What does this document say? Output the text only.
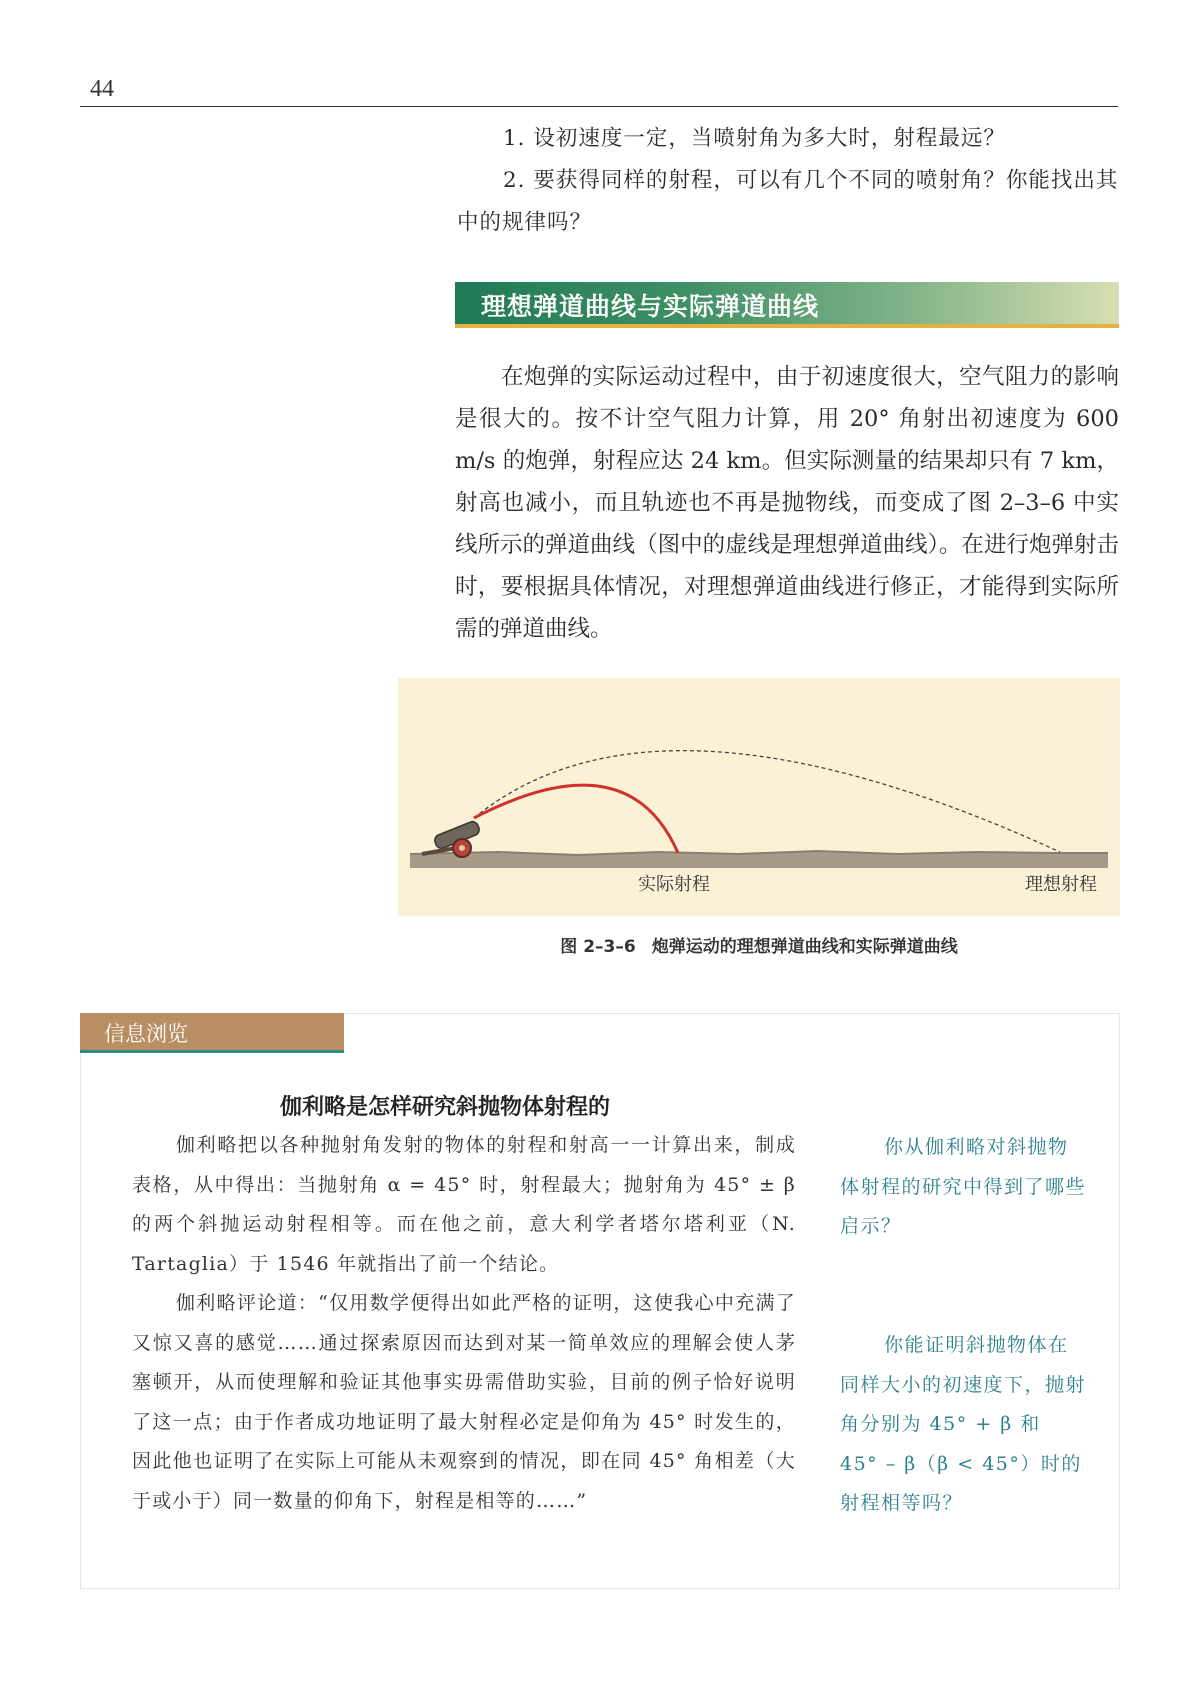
44

1. 设初速度一定，当喷射角为多大时，射程最远？

2. 要获得同样的射程，可以有几个不同的喷射角？你能找出其中的规律吗？

理想弹道曲线与实际弹道曲线

在炮弹的实际运动过程中，由于初速度很大，空气阻力的影响是很大的。按不计空气阻力计算，用 20° 角射出初速度为 600 m/s 的炮弹，射程应达 24 km。但实际测量的结果却只有 7 km，射高也减小，而且轨迹也不再是抛物线，而变成了图 2–3–6 中实线所示的弹道曲线（图中的虚线是理想弹道曲线）。在进行炮弹射击时，要根据具体情况，对理想弹道曲线进行修正，才能得到实际所需的弹道曲线。

实际射程	理想射程
图 2–3–6 炮弹运动的理想弹道曲线和实际弹道曲线
信息浏览
伽利略是怎样研究斜抛物体射程的

伽利略把以各种抛射角发射的物体的射程和射高一一计算出来，制成表格，从中得出：当抛射角 α = 45° 时，射程最大；抛射角为 45° ± β 的两个斜抛运动射程相等。而在他之前，意大利学者塔尔塔利亚（N. Tartaglia）于 1546 年就指出了前一个结论。

伽利略评论道：“仅用数学便得出如此严格的证明，这使我心中充满了又惊又喜的感觉……通过探索原因而达到对某一简单效应的理解会使人茅塞顿开，从而使理解和验证其他事实毋需借助实验，目前的例子恰好说明了这一点；由于作者成功地证明了最大射程必定是仰角为 45° 时发生的，因此他也证明了在实际上可能从未观察到的情况，即在同 45° 角相差（大于或小于）同一数量的仰角下，射程是相等的……”

你从伽利略对斜抛物体射程的研究中得到了哪些启示？

你能证明斜抛物体在同样大小的初速度下，抛射角分别为 45° + β 和 45° – β（β < 45°）时的射程相等吗？
